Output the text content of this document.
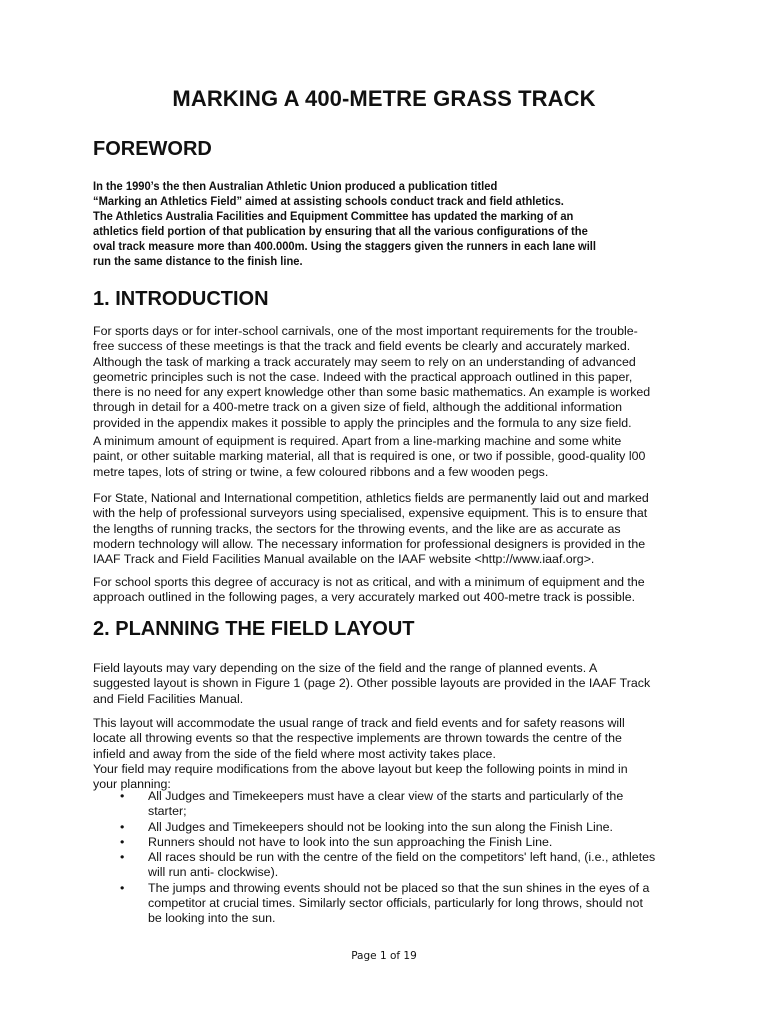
MARKING A 400-METRE GRASS TRACK
FOREWORD
In the 1990’s the then Australian Athletic Union produced a publication titled
“Marking an Athletics Field” aimed at assisting schools conduct track and field athletics.
The Athletics Australia Facilities and Equipment Committee has updated the marking of an
athletics field portion of that publication by ensuring that all the various configurations of the
oval track measure more than 400.000m. Using the staggers given the runners in each lane will
run the same distance to the finish line.
1. INTRODUCTION
For sports days or for inter-school carnivals, one of the most important requirements for the trouble-
free success of these meetings is that the track and field events be clearly and accurately marked.
Although the task of marking a track accurately may seem to rely on an understanding of advanced
geometric principles such is not the case. Indeed with the practical approach outlined in this paper,
there is no need for any expert knowledge other than some basic mathematics. An example is worked
through in detail for a 400-metre track on a given size of field, although the additional information
provided in the appendix makes it possible to apply the principles and the formula to any size field.
A minimum amount of equipment is required. Apart from a line-marking machine and some white
paint, or other suitable marking material, all that is required is one, or two if possible, good-quality l00
metre tapes, lots of string or twine, a few coloured ribbons and a few wooden pegs.
For State, National and International competition, athletics fields are permanently laid out and marked
with the help of professional surveyors using specialised, expensive equipment. This is to ensure that
the lengths of running tracks, the sectors for the throwing events, and the like are as accurate as
modern technology will allow. The necessary information for professional designers is provided in the
IAAF Track and Field Facilities Manual available on the IAAF website <http://www.iaaf.org>.
For school sports this degree of accuracy is not as critical, and with a minimum of equipment and the
approach outlined in the following pages, a very accurately marked out 400-metre track is possible.
2. PLANNING THE FIELD LAYOUT
Field layouts may vary depending on the size of the field and the range of planned events. A
suggested layout is shown in Figure 1 (page 2). Other possible layouts are provided in the IAAF Track
and Field Facilities Manual.
This layout will accommodate the usual range of track and field events and for safety reasons will
locate all throwing events so that the respective implements are thrown towards the centre of the
infield and away from the side of the field where most activity takes place.
Your field may require modifications from the above layout but keep the following points in mind in
your planning:
• All Judges and Timekeepers must have a clear view of the starts and particularly of the
starter;
• All Judges and Timekeepers should not be looking into the sun along the Finish Line.
• Runners should not have to look into the sun approaching the Finish Line.
• All races should be run with the centre of the field on the competitors' left hand, (i.e., athletes
will run anti- clockwise).
• The jumps and throwing events should not be placed so that the sun shines in the eyes of a
competitor at crucial times. Similarly sector officials, particularly for long throws, should not
be looking into the sun.
Page 1 of 19
